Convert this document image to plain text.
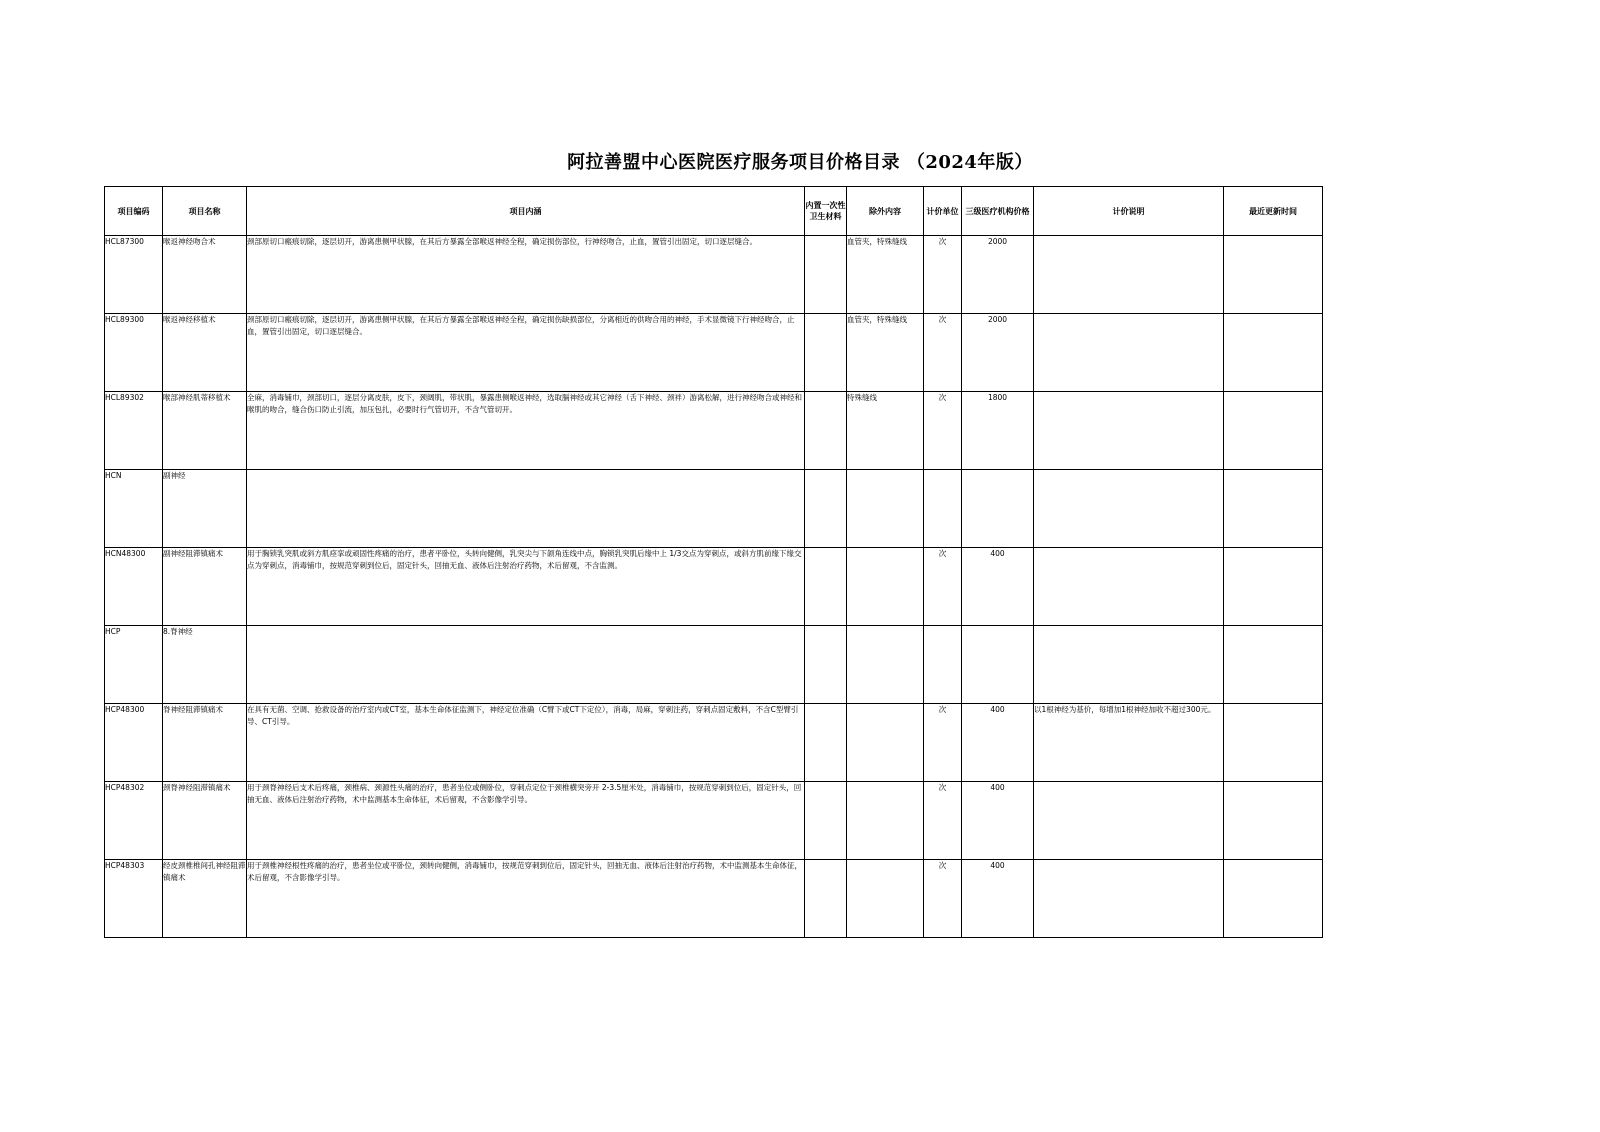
阿拉善盟中心医院医疗服务项目价格目录 （2024年版）
项目编码	项目名称	项目内涵	内置一次性卫生材料	除外内容	计价单位	三级医疗机构价格	计价说明	最近更新时间
HCL87300	喉返神经吻合术	颈部原切口瘢痕切除，逐层切开，游离患侧甲状腺，在其后方暴露全部喉返神经全程，确定损伤部位，行神经吻合，止血，置管引出固定，切口逐层缝合。		血管夹，特殊缝线	次	2000		
HCL89300	喉返神经移植术	颈部原切口瘢痕切除，逐层切开，游离患侧甲状腺，在其后方暴露全部喉返神经全程，确定损伤缺损部位，分离相近的供吻合用的神经，手术显微镜下行神经吻合，止血，置管引出固定，切口逐层缝合。		血管夹，特殊缝线	次	2000		
HCL89302	喉部神经肌蒂移植术	全麻，消毒铺巾，颈部切口，逐层分离皮肤，皮下，颈阔肌，带状肌，暴露患侧喉返神经，选取膈神经或其它神经（舌下神经、颈袢）游离松解，进行神经吻合或神经和喉肌的吻合，缝合伤口防止引流，加压包扎，必要时行气管切开，不含气管切开。		特殊缝线	次	1800		
HCN	副神经							
HCN48300	副神经阻滞镇痛术	用于胸锁乳突肌或斜方肌痉挛或顽固性疼痛的治疗，患者平卧位，头转向健侧，乳突尖与下颌角连线中点，胸锁乳突肌后缘中上 1/3交点为穿刺点，或斜方肌前缘下缘交点为穿刺点，消毒铺巾，按规范穿刺到位后，固定针头，回抽无血、液体后注射治疗药物，术后留观，不含监测。			次	400		
HCP	8.脊神经							
HCP48300	脊神经阻滞镇痛术	在具有无菌、空调、抢救设备的治疗室内或CT室，基本生命体征监测下，神经定位准确（C臂下或CT下定位），消毒，局麻，穿刺注药，穿刺点固定敷料，不含C型臂引导、CT引导。			次	400	以1根神经为基价，每增加1根神经加收不超过300元。	
HCP48302	颈脊神经阻滞镇痛术	用于颈脊神经后支术后疼痛，颈椎病、颈源性头痛的治疗，患者坐位或侧卧位，穿刺点定位于颈椎横突旁开 2-3.5厘米处，消毒铺巾，按规范穿刺到位后，固定针头，回抽无血、液体后注射治疗药物，术中监测基本生命体征，术后留观，不含影像学引导。			次	400		
HCP48303	经皮颈椎椎间孔神经阻滞镇痛术	用于颈椎神经根性疼痛的治疗，患者坐位或平卧位，颈转向健侧，消毒铺巾，按规范穿刺到位后，固定针头，回抽无血、液体后注射治疗药物，术中监测基本生命体征，术后留观，不含影像学引导。			次	400		
